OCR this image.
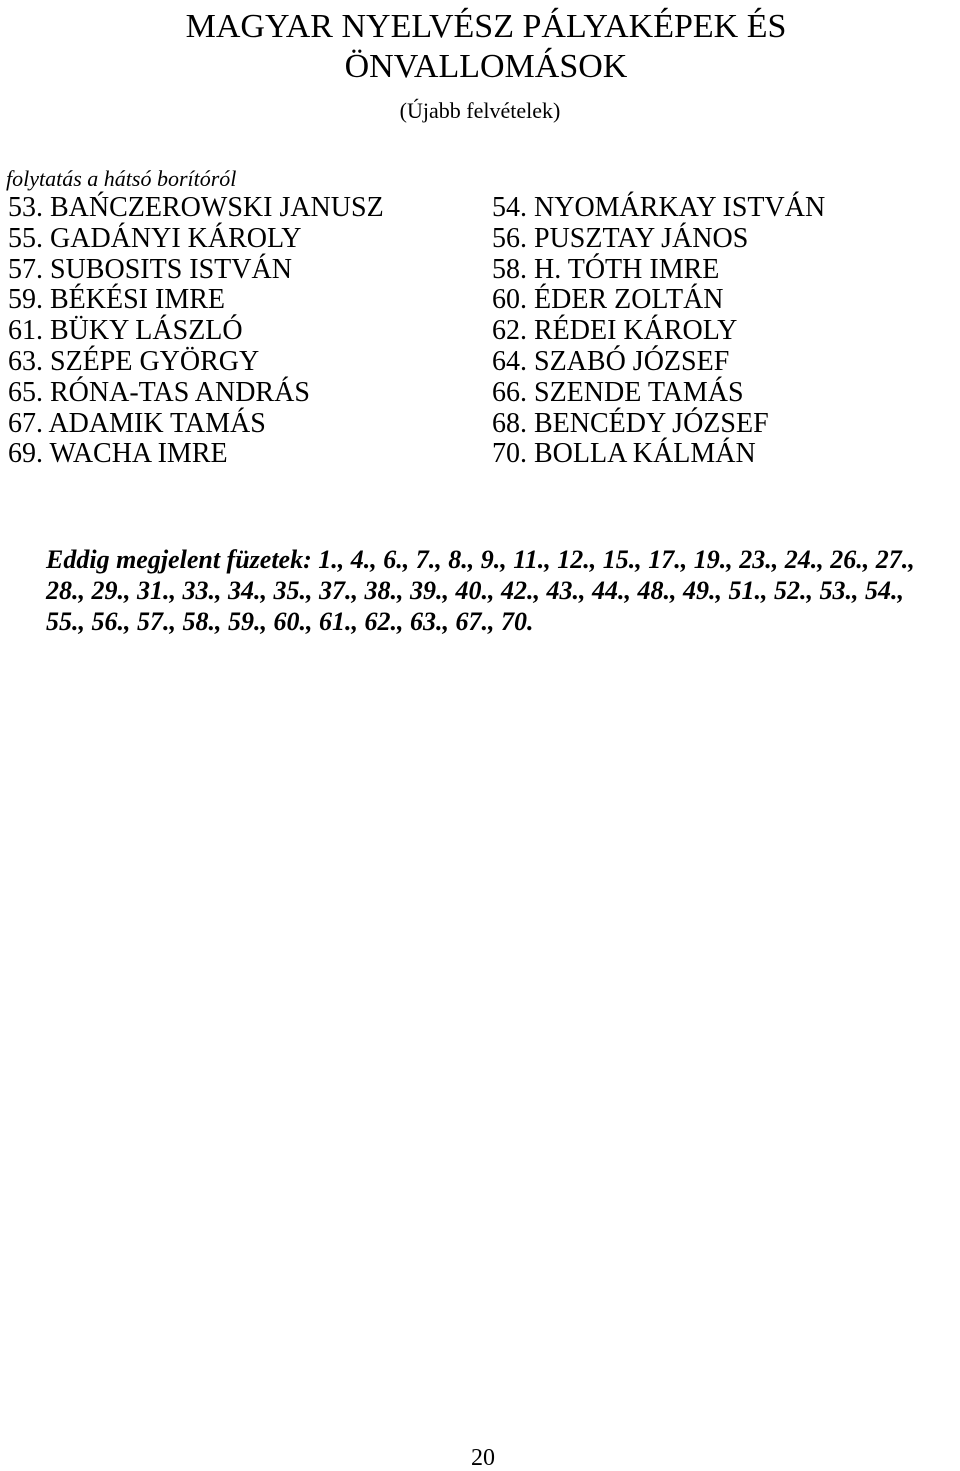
MAGYAR NYELVÉSZ PÁLYAKÉPEK ÉS
ÖNVALLOMÁSOK
(Újabb felvételek)
folytatás a hátsó borítóról
53. BAŃCZEROWSKI JANUSZ
55. GADÁNYI KÁROLY
57. SUBOSITS ISTVÁN
59. BÉKÉSI IMRE
61. BÜKY LÁSZLÓ
63. SZÉPE GYÖRGY
65. RÓNA-TAS ANDRÁS
67. ADAMIK TAMÁS
69. WACHA IMRE
54. NYOMÁRKAY ISTVÁN
56. PUSZTAY JÁNOS
58. H. TÓTH IMRE
60. ÉDER ZOLTÁN
62. RÉDEI KÁROLY
64. SZABÓ JÓZSEF
66. SZENDE TAMÁS
68. BENCÉDY JÓZSEF
70. BOLLA KÁLMÁN

Eddig megjelent füzetek: 1., 4., 6., 7., 8., 9., 11., 12., 15., 17., 19., 23., 24., 26., 27., 28., 29., 31., 33., 34., 35., 37., 38., 39., 40., 42., 43., 44., 48., 49., 51., 52., 53., 54., 55., 56., 57., 58., 59., 60., 61., 62., 63., 67., 70.

20
